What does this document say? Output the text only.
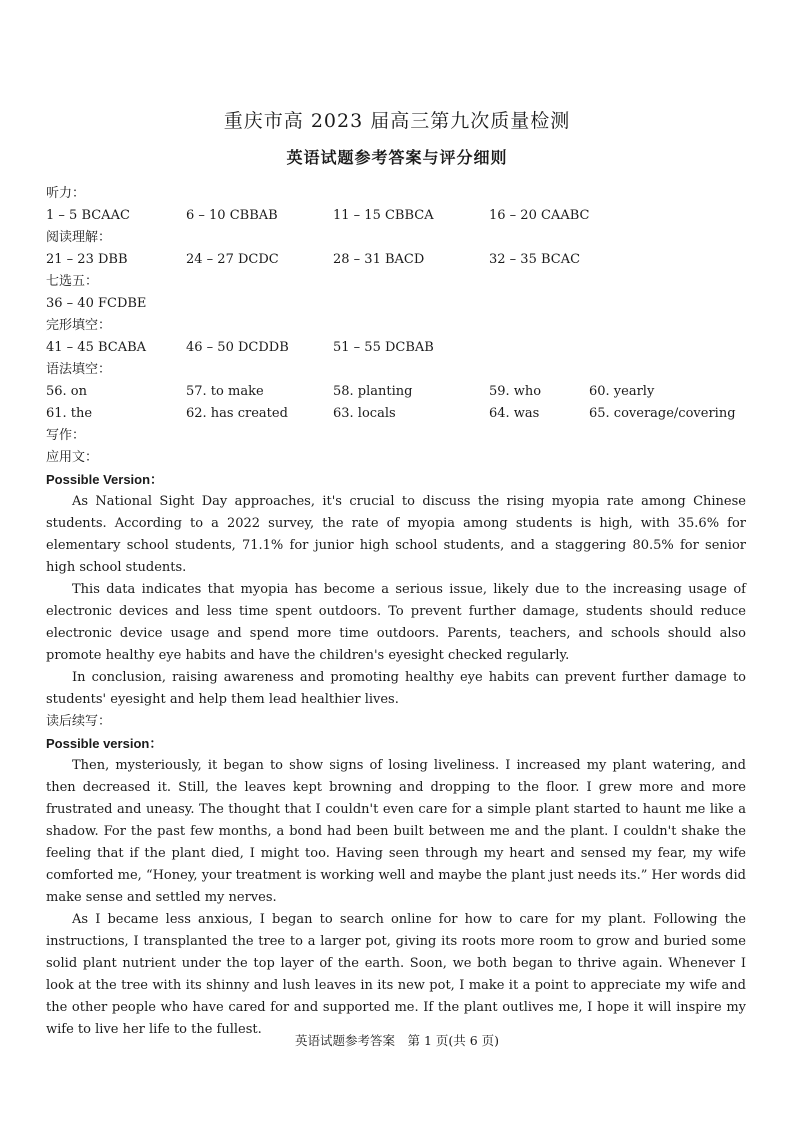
重庆市高 2023 届高三第九次质量检测
英语试题参考答案与评分细则
听力：
1 – 5 BCAAC	6 – 10 CBBAB	11 – 15 CBBCA	16 – 20 CAABC
阅读理解：
21 – 23 DBB	24 – 27 DCDC	28 – 31 BACD	32 – 35 BCAC
七选五：
36 – 40 FCDBE
完形填空：
41 – 45 BCABA	46 – 50 DCDDB	51 – 55 DCBAB
语法填空：
56. on	57. to make	58. planting	59. who	60. yearly
61. the	62. has created	63. locals	64. was	65. coverage/covering
写作：
应用文：
Possible Version：

As National Sight Day approaches, it's crucial to discuss the rising myopia rate among Chinese students. According to a 2022 survey, the rate of myopia among students is high, with 35.6% for elementary school students, 71.1% for junior high school students, and a staggering 80.5% for senior high school students.

This data indicates that myopia has become a serious issue, likely due to the increasing usage of electronic devices and less time spent outdoors. To prevent further damage, students should reduce electronic device usage and spend more time outdoors. Parents, teachers, and schools should also promote healthy eye habits and have the children's eyesight checked regularly.

In conclusion, raising awareness and promoting healthy eye habits can prevent further damage to students' eyesight and help them lead healthier lives.

读后续写：
Possible version：

Then, mysteriously, it began to show signs of losing liveliness. I increased my plant watering, and then decreased it. Still, the leaves kept browning and dropping to the floor. I grew more and more frustrated and uneasy. The thought that I couldn't even care for a simple plant started to haunt me like a shadow. For the past few months, a bond had been built between me and the plant. I couldn't shake the feeling that if the plant died, I might too. Having seen through my heart and sensed my fear, my wife comforted me, “Honey, your treatment is working well and maybe the plant just needs its.” Her words did make sense and settled my nerves.

As I became less anxious, I began to search online for how to care for my plant. Following the instructions, I transplanted the tree to a larger pot, giving its roots more room to grow and buried some solid plant nutrient under the top layer of the earth. Soon, we both began to thrive again. Whenever I look at the tree with its shinny and lush leaves in its new pot, I make it a point to appreciate my wife and the other people who have cared for and supported me. If the plant outlives me, I hope it will inspire my wife to live her life to the fullest.

英语试题参考答案　第 1 页(共 6 页)
